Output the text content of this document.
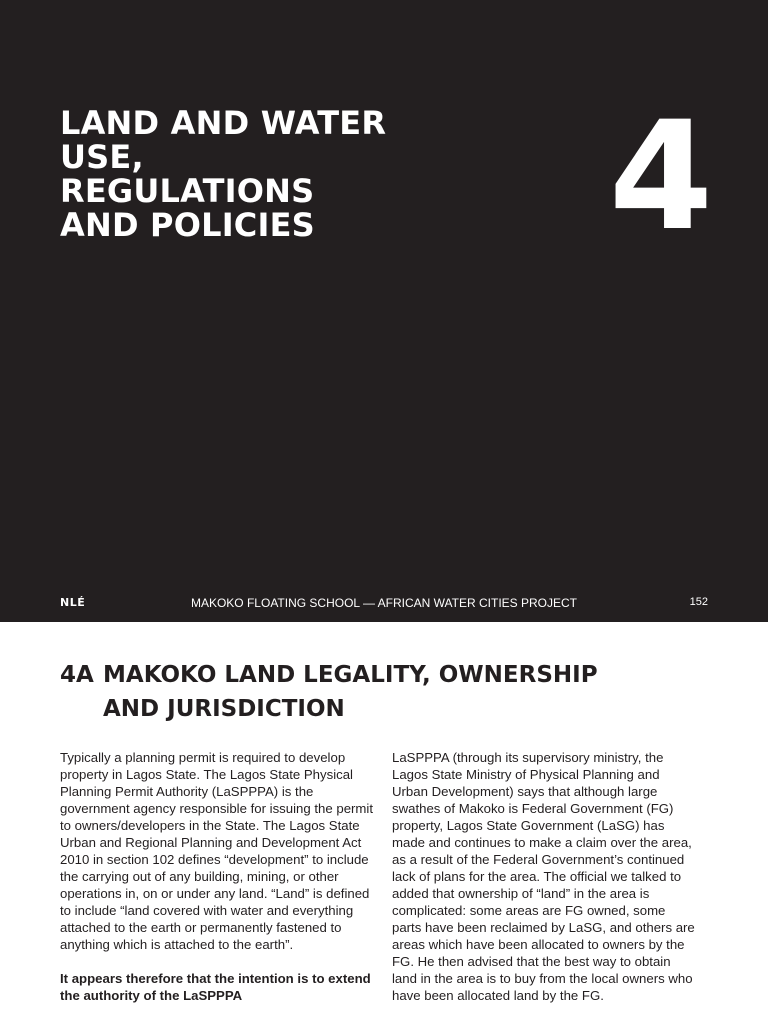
LAND AND WATER USE, REGULATIONS AND POLICIES	4
NLÉ	MAKOKO FLOATING SCHOOL — AFRICAN WATER CITIES PROJECT	152
4A MAKOKO LAND LEGALITY, OWNERSHIP AND JURISDICTION

Typically a planning permit is required to develop property in Lagos State. The Lagos State Physical Planning Permit Authority (LaSPPPA) is the government agency responsible for issuing the permit to owners/developers in the State. The Lagos State Urban and Regional Planning and Development Act 2010 in section 102 defines “development” to include the carrying out of any building, mining, or other operations in, on or under any land. “Land” is defined to include “land covered with water and everything attached to the earth or permanently fastened to anything which is attached to the earth”.

It appears therefore that the intention is to extend the authority of the LaSPPPA

LaSPPPA (through its supervisory ministry, the Lagos State Ministry of Physical Planning and Urban Development) says that although large swathes of Makoko is Federal Government (FG) property, Lagos State Government (LaSG) has made and continues to make a claim over the area, as a result of the Federal Government’s continued lack of plans for the area. The official we talked to added that ownership of “land” in the area is complicated: some areas are FG owned, some parts have been reclaimed by LaSG, and others are areas which have been allocated to owners by the FG. He then advised that the best way to obtain land in the area is to buy from the local owners who have been allocated land by the FG.
